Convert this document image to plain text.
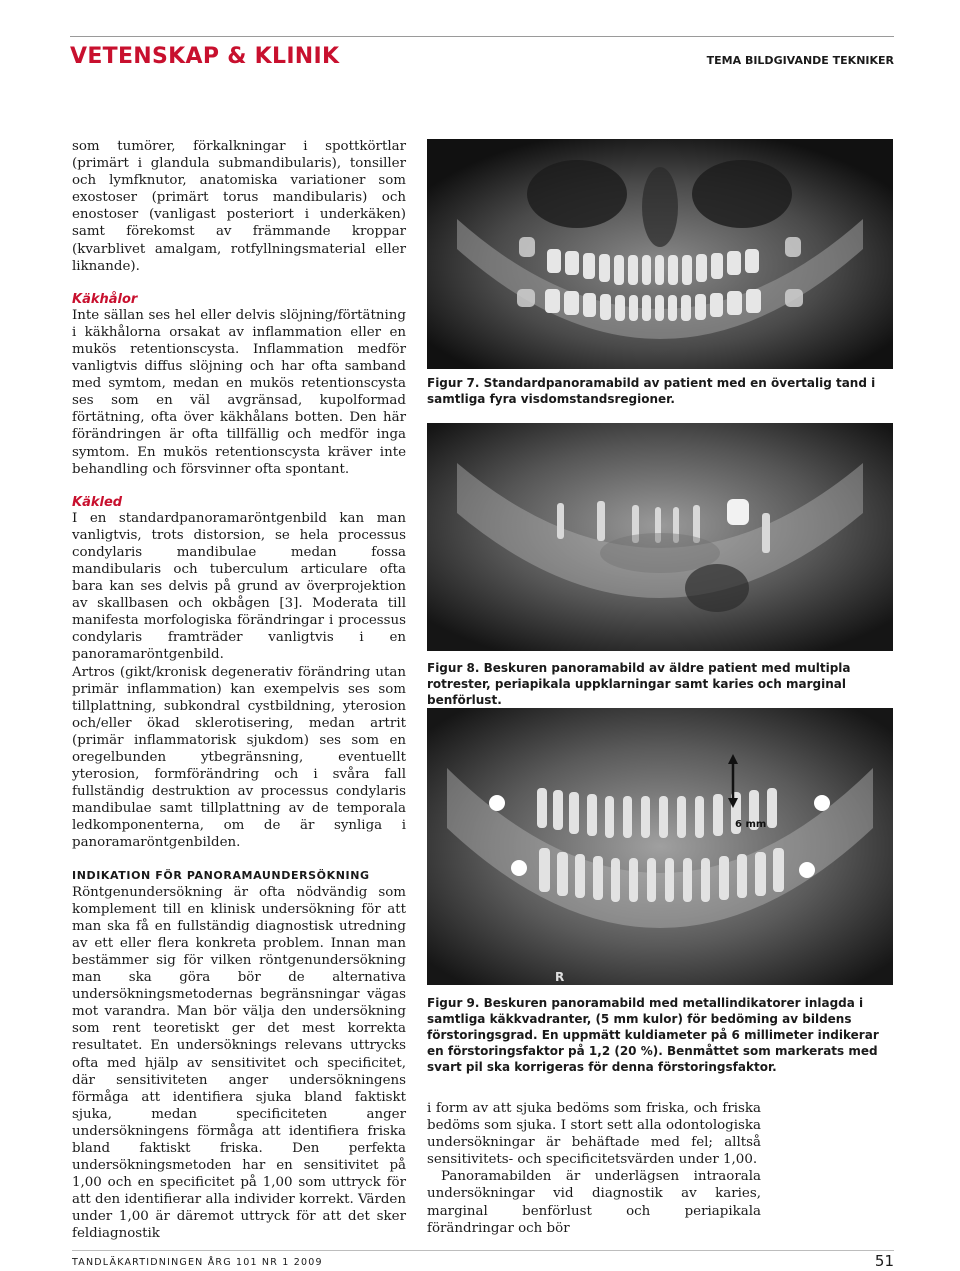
VETENSKAP & KLINIK	TEMA BILDGIVANDE TEKNIKER

som tumörer, förkalkningar i spottkörtlar (primärt i glandula submandibularis), tonsiller och lymfknutor, anatomiska variationer som exostoser (primärt torus mandibularis) och enostoser (vanligast posteriort i underkäken) samt förekomst av främmande kroppar (kvarblivet amalgam, rotfyllningsmaterial eller liknande).

Käkhålor

Inte sällan ses hel eller delvis slöjning/förtätning i käkhålorna orsakat av inflammation eller en mukös retentionscysta. Inflammation medför vanligtvis diffus slöjning och har ofta samband med symtom, medan en mukös retentionscysta ses som en väl avgränsad, kupolformad förtätning, ofta över käkhålans botten. Den här förändringen är ofta tillfällig och medför inga symtom. En mukös retentionscysta kräver inte behandling och försvinner ofta spontant.

Käkled

I en standardpanoramaröntgenbild kan man vanligtvis, trots distorsion, se hela processus condylaris mandibulae medan fossa mandibularis och tuberculum articulare ofta bara kan ses delvis på grund av överprojektion av skallbasen och okbågen [3]. Moderata till manifesta morfologiska förändringar i processus condylaris framträder vanligtvis i en panoramaröntgenbild.

Artros (gikt/kronisk degenerativ förändring utan primär inflammation) kan exempelvis ses som tillplattning, subkondral cystbildning, yterosion och/eller ökad sklerotisering, medan artrit (primär inflammatorisk sjukdom) ses som en oregelbunden ytbegränsning, eventuellt yterosion, formförändring och i svåra fall fullständig destruktion av processus condylaris mandibulae samt tillplattning av de temporala ledkomponenterna, om de är synliga i panoramaröntgenbilden.

INDIKATION FÖR PANORAMAUNDERSÖKNING

Röntgenundersökning är ofta nödvändig som komplement till en klinisk undersökning för att man ska få en fullständig diagnostisk utredning av ett eller flera konkreta problem. Innan man bestämmer sig för vilken röntgenundersökning man ska göra bör de alternativa undersökningsmetodernas begränsningar vägas mot varandra. Man bör välja den undersökning som rent teoretiskt ger det mest korrekta resultatet. En undersöknings relevans uttrycks ofta med hjälp av sensitivitet och specificitet, där sensitiviteten anger undersökningens förmåga att identifiera sjuka bland faktiskt sjuka, medan specificiteten anger undersökningens förmåga att identifiera friska bland faktiskt friska. Den perfekta undersökningsmetoden har en sensitivitet på 1,00 och en specificitet på 1,00 som uttryck för att den identifierar alla individer korrekt. Värden under 1,00 är däremot uttryck för att det sker feldiagnostik

Figur 7. Standardpanoramabild av patient med en övertalig tand i samtliga fyra visdomstandsregioner.

Figur 8. Beskuren panoramabild av äldre patient med multipla rotrester, periapikala uppklarningar samt karies och marginal benförlust.

6 mm
R

Figur 9. Beskuren panoramabild med metallindikatorer inlagda i samtliga käkkvadranter, (5 mm kulor) för bedöming av bildens förstoringsgrad. En uppmätt kuldiameter på 6 millimeter indikerar en förstoringsfaktor på 1,2 (20 %). Benmåttet som markerats med svart pil ska korrigeras för denna förstoringsfaktor.

i form av att sjuka bedöms som friska, och friska bedöms som sjuka. I stort sett alla odontologiska undersökningar är behäftade med fel; alltså sensitivitets- och specificitetsvärden under 1,00.

Panoramabilden är underlägsen intraorala undersökningar vid diagnostik av karies, marginal benförlust och periapikala förändringar och bör

TANDLÄKARTIDNINGEN ÅRG 101 NR 1 2009	51
